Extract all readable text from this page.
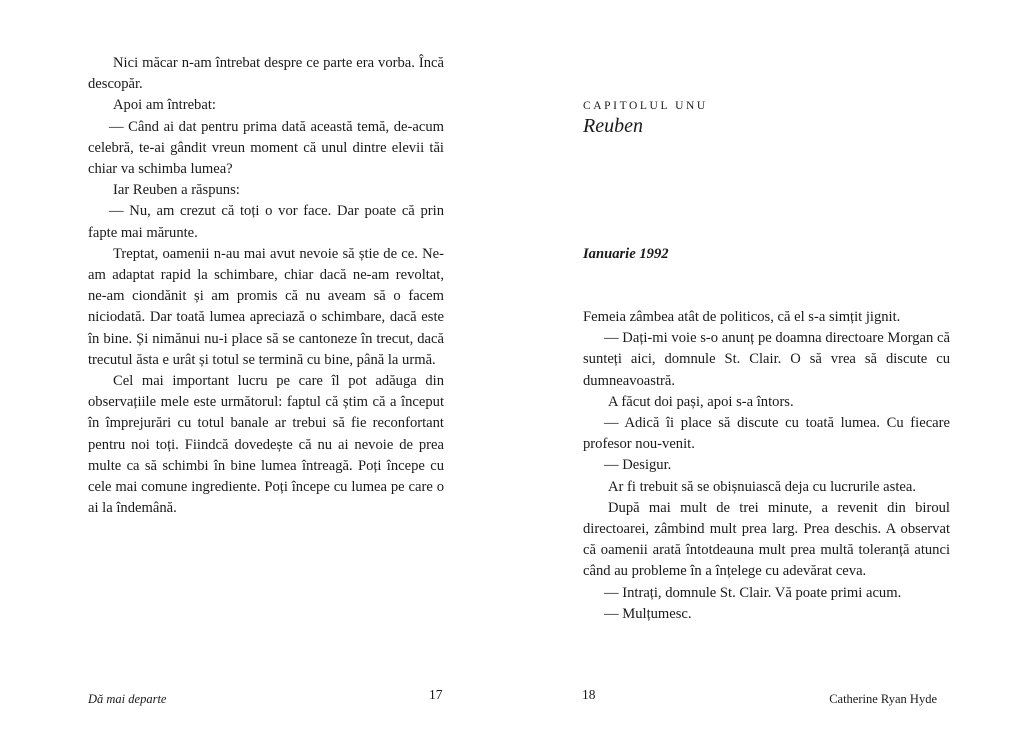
Nici măcar n-am întrebat despre ce parte era vorba. Încă descopăr.

Apoi am întrebat:

— Când ai dat pentru prima dată această temă, de-acum celebră, te-ai gândit vreun moment că unul dintre elevii tăi chiar va schimba lumea?

Iar Reuben a răspuns:

— Nu, am crezut că toți o vor face. Dar poate că prin fapte mai mărunte.

Treptat, oamenii n-au mai avut nevoie să știe de ce. Ne-am adaptat rapid la schimbare, chiar dacă ne-am revoltat, ne-am ciondănit și am promis că nu aveam să o facem niciodată. Dar toată lumea apreciază o schimbare, dacă este în bine. Și nimănui nu-i place să se cantoneze în trecut, dacă trecutul ăsta e urât și totul se termină cu bine, până la urmă.

Cel mai important lucru pe care îl pot adăuga din observațiile mele este următorul: faptul că știm că a început în împrejurări cu totul banale ar trebui să fie reconfortant pentru noi toți. Fiindcă dovedește că nu ai nevoie de prea multe ca să schimbi în bine lumea întreagă. Poți începe cu cele mai comune ingrediente. Poți începe cu lumea pe care o ai la îndemână.

Dă mai departe	17
CAPITOLUL UNU
Reuben
Ianuarie 1992

Femeia zâmbea atât de politicos, că el s-a simțit jignit.

— Dați-mi voie s-o anunț pe doamna directoare Morgan că sunteți aici, domnule St. Clair. O să vrea să discute cu dumneavoastră.

A făcut doi pași, apoi s-a întors.

— Adică îi place să discute cu toată lumea. Cu fiecare profesor nou-venit.

— Desigur.

Ar fi trebuit să se obișnuiască deja cu lucrurile astea.

După mai mult de trei minute, a revenit din biroul directoarei, zâmbind mult prea larg. Prea deschis. A observat că oamenii arată întotdeauna mult prea multă toleranță atunci când au probleme în a înțelege cu adevărat ceva.

— Intrați, domnule St. Clair. Vă poate primi acum.

— Mulțumesc.

18	Catherine Ryan Hyde
